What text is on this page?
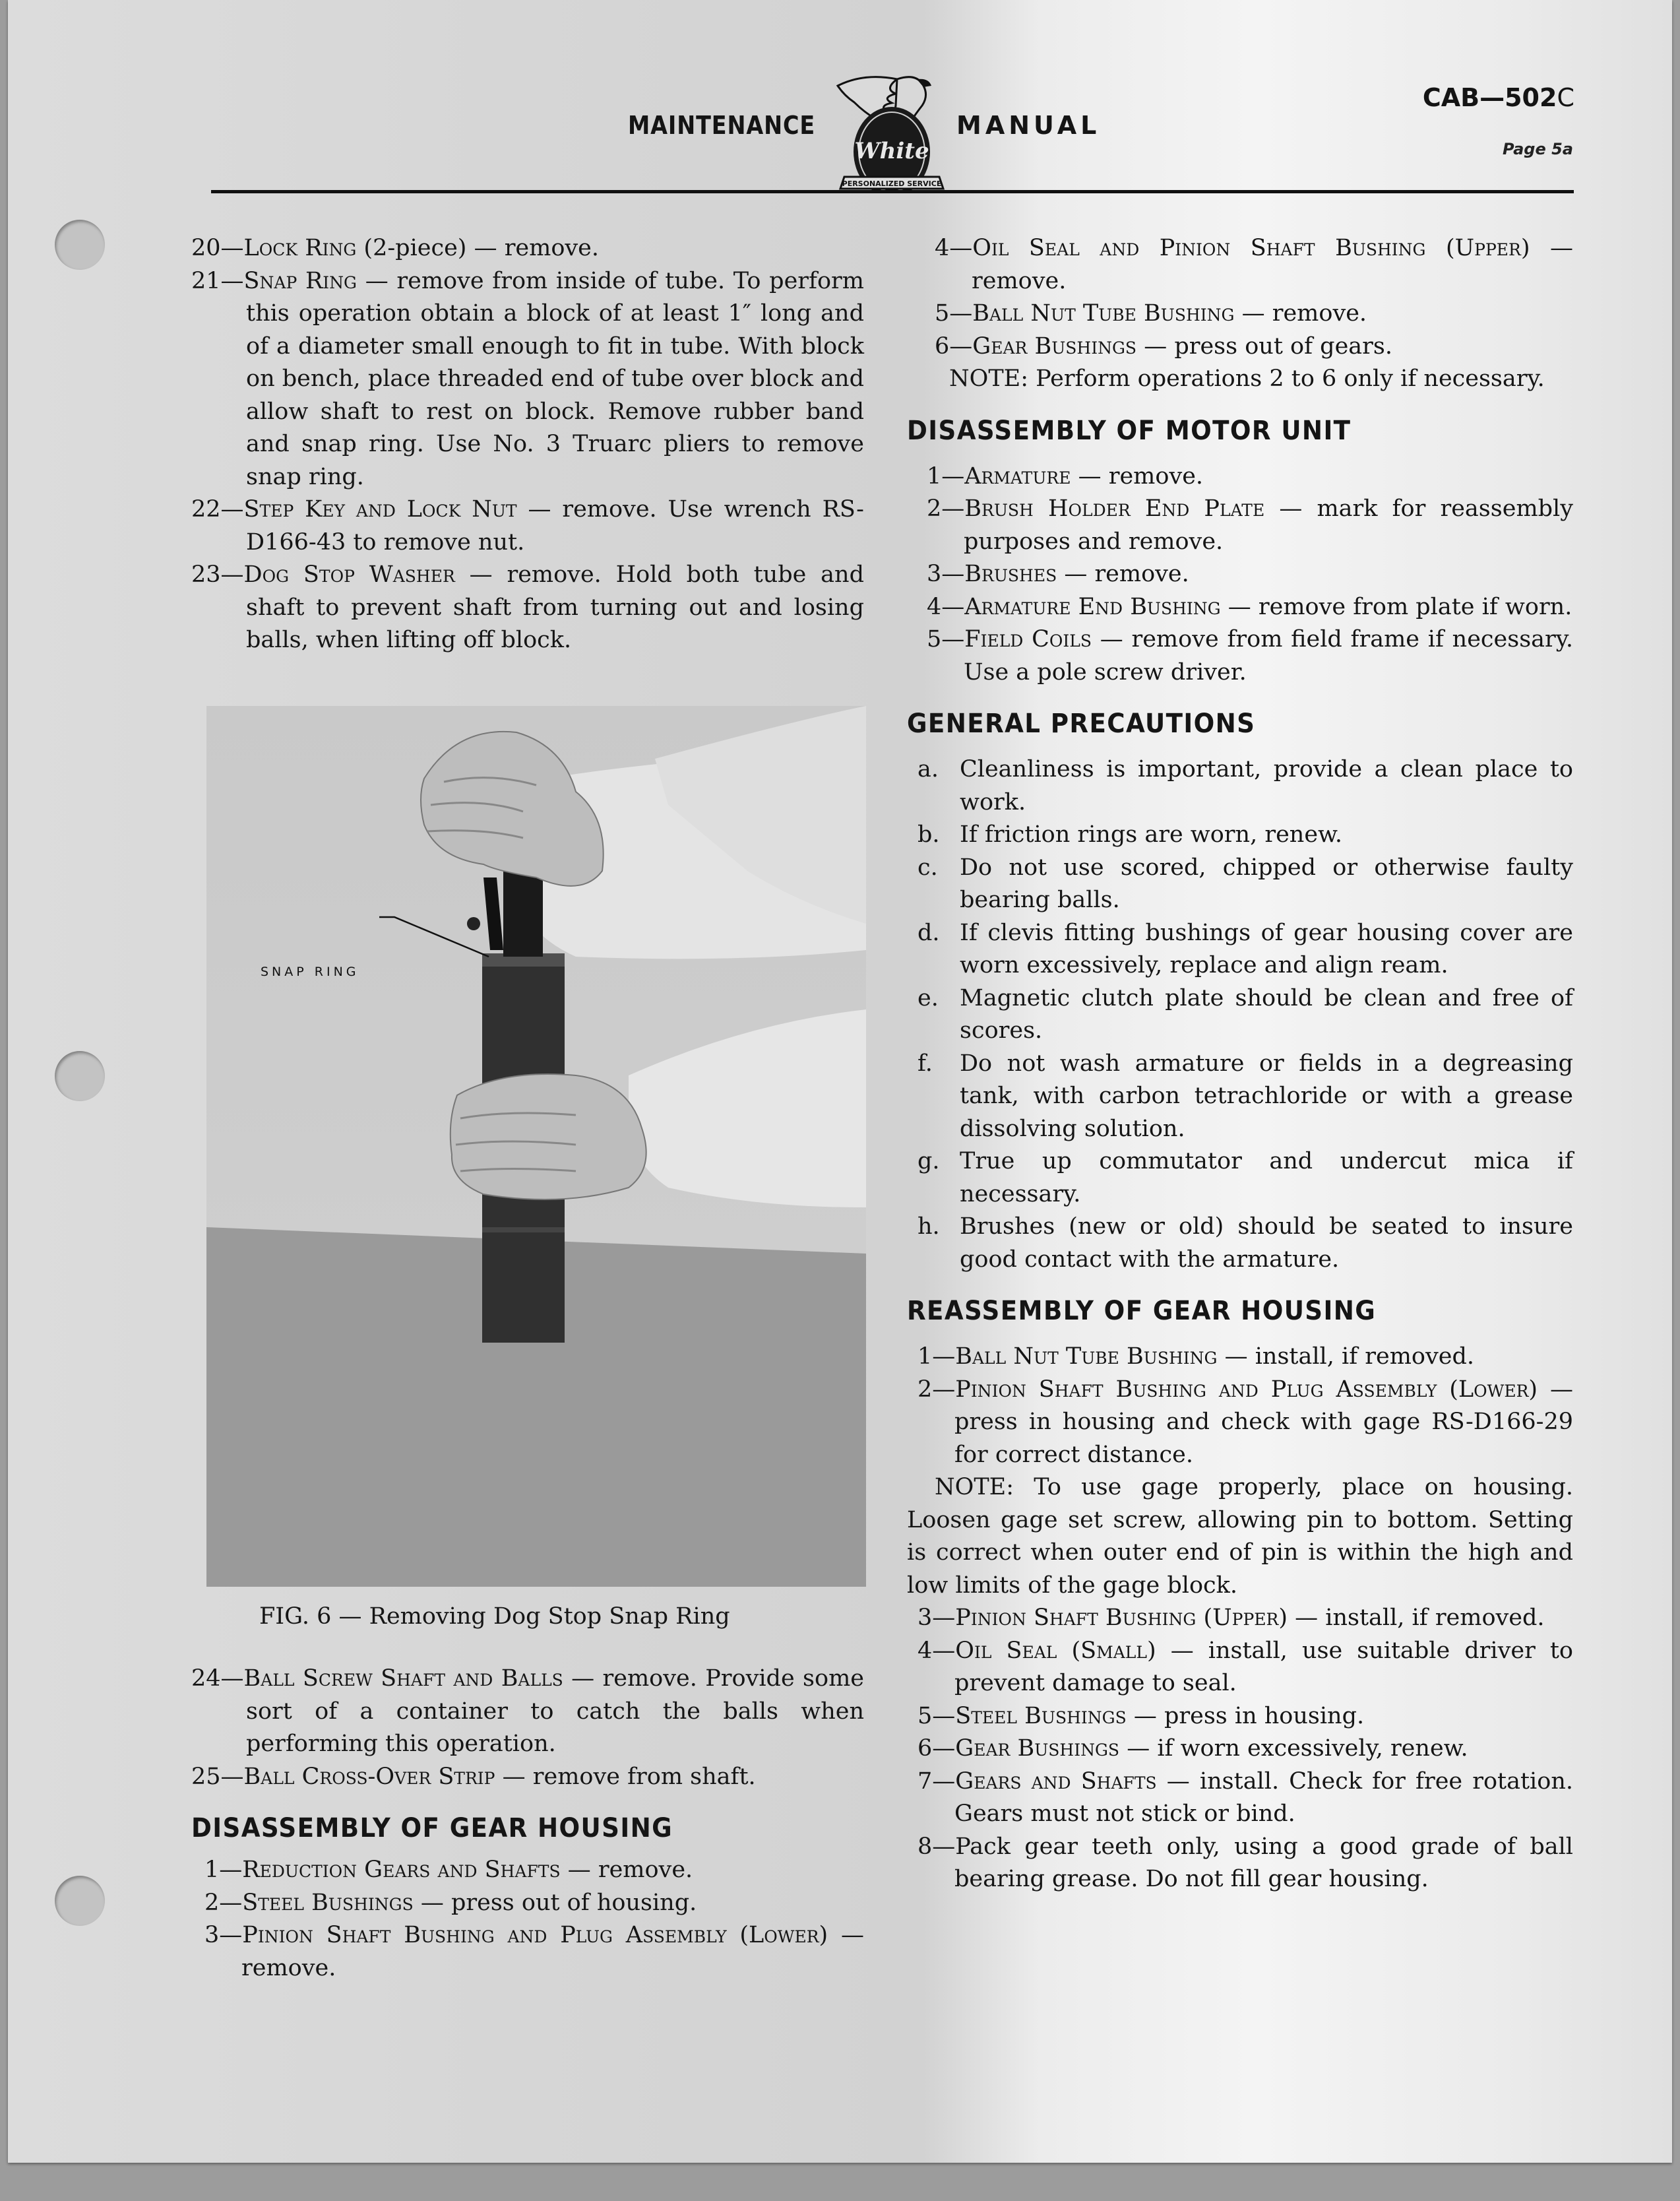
MAINTENANCE
White
PERSONALIZED SERVICE
MANUAL
CAB—502C
Page 5a

20—Lock Ring (2-piece) — remove.

21—Snap Ring — remove from inside of tube. To perform this operation obtain a block of at least 1″ long and of a diameter small enough to fit in tube. With block on bench, place threaded end of tube over block and allow shaft to rest on block. Remove rubber band and snap ring. Use No. 3 Truarc pliers to remove snap ring.

22—Step Key and Lock Nut — remove. Use wrench RS-D166-43 to remove nut.

23—Dog Stop Washer — remove. Hold both tube and shaft to prevent shaft from turning out and losing balls, when lifting off block.

SNAP RING
FIG. 6 — Removing Dog Stop Snap Ring

24—Ball Screw Shaft and Balls — remove. Provide some sort of a container to catch the balls when performing this operation.

25—Ball Cross-Over Strip — remove from shaft.

DISASSEMBLY OF GEAR HOUSING

1—Reduction Gears and Shafts — remove.

2—Steel Bushings — press out of housing.

3—Pinion Shaft Bushing and Plug Assembly (Lower) — remove.

4—Oil Seal and Pinion Shaft Bushing (Upper) — remove.

5—Ball Nut Tube Bushing — remove.

6—Gear Bushings — press out of gears.

NOTE: Perform operations 2 to 6 only if necessary.

DISASSEMBLY OF MOTOR UNIT

1—Armature — remove.

2—Brush Holder End Plate — mark for reassembly purposes and remove.

3—Brushes — remove.

4—Armature End Bushing — remove from plate if worn.

5—Field Coils — remove from field frame if necessary. Use a pole screw driver.

GENERAL PRECAUTIONS
a. Cleanliness is important, provide a clean place to work.
b. If friction rings are worn, renew.
c. Do not use scored, chipped or otherwise faulty bearing balls.
d. If clevis fitting bushings of gear housing cover are worn excessively, replace and align ream.
e. Magnetic clutch plate should be clean and free of scores.
f. Do not wash armature or fields in a degreasing tank, with carbon tetrachloride or with a grease dissolving solution.
g. True up commutator and undercut mica if necessary.
h. Brushes (new or old) should be seated to insure good contact with the armature.
REASSEMBLY OF GEAR HOUSING

1—Ball Nut Tube Bushing — install, if removed.

2—Pinion Shaft Bushing and Plug Assembly (Lower) — press in housing and check with gage RS-D166-29 for correct distance.

NOTE: To use gage properly, place on housing. Loosen gage set screw, allowing pin to bottom. Setting is correct when outer end of pin is within the high and low limits of the gage block.

3—Pinion Shaft Bushing (Upper) — install, if removed.

4—Oil Seal (Small) — install, use suitable driver to prevent damage to seal.

5—Steel Bushings — press in housing.

6—Gear Bushings — if worn excessively, renew.

7—Gears and Shafts — install. Check for free rotation. Gears must not stick or bind.

8—Pack gear teeth only, using a good grade of ball bearing grease. Do not fill gear housing.
